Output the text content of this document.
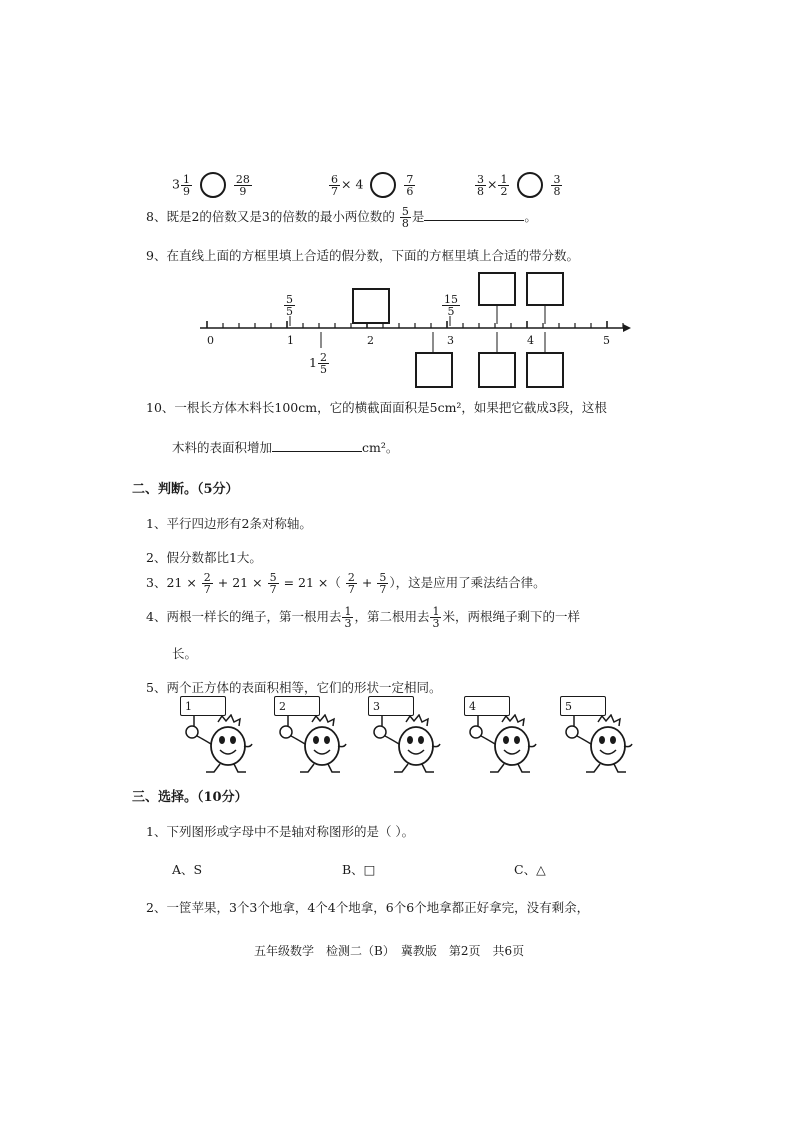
$3 \frac{1}{9}$
	$\frac{28}{9}$	$\frac{6}{7} \times 4$	$\frac{7}{6}$	$\frac{3}{8} \times \frac{1}{2}$
	$\frac{3}{8}$
8、既是2的倍数又是3的倍数的最小两位数的 $\frac{5}{8}$ 是	。
9、在直线上面的方框里填上合适的假分数，下面的方框里填上合适的带分数。
0	1	2	3	4	5
$\frac{5}{5}$	$\frac{15}{5}$
$1 \frac{2}{5}$
10、一根长方体木料长100cm，它的横截面面积是5cm²，如果把它截成3段，这根
木料的表面积增加	cm²。
二、判断。（5分）
1、平行四边形有2条对称轴。
2、假分数都比1大。
3、$21 \times \frac{2}{7} + 21 \times \frac{5}{7} = 21$ ×（ $\frac{2}{7} + \frac{5}{7}$ ），这是应用了乘法结合律。
4、两根一样长的绳子，第一根用去 $\frac{1}{3}$ ，第二根用去 $\frac{1}{3}$ 米，两根绳子剩下的一样
长。
5、两个正方体的表面积相等，它们的形状一定相同。
1	2	3	4	5
三、选择。（10分）
1、下列图形或字母中不是轴对称图形的是（ ）。
A、S	B、□	C、△
2、一筐苹果，3个3个地拿，4个4个地拿，6个6个地拿都正好拿完，没有剩余，
五年级数学　检测二（B）　冀教版　第2页　共6页
